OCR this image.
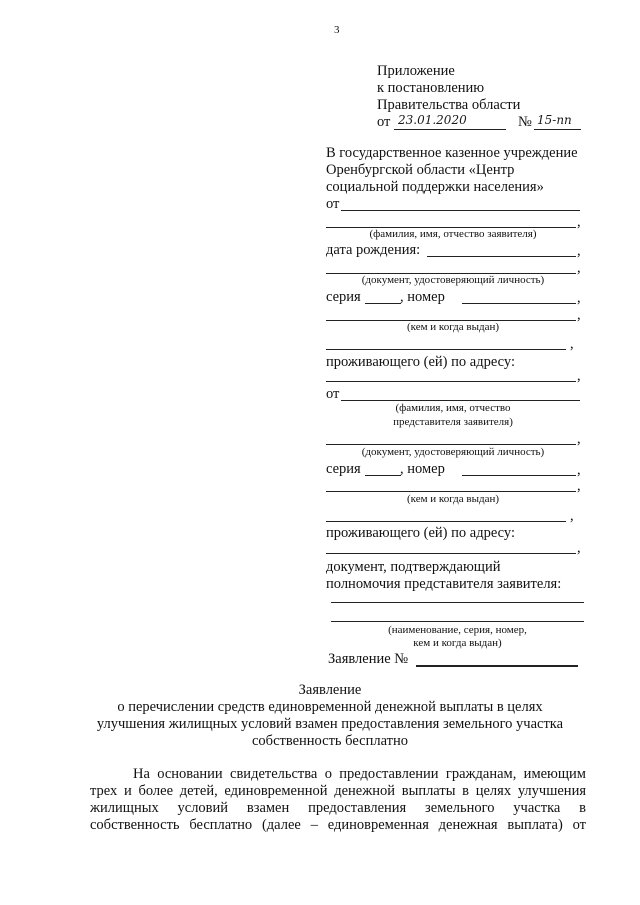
3
Приложение
к постановлению
Правительства области
от 23.01.2020	№ 15-пп
В государственное казенное учреждение
Оренбургской области «Центр
социальной поддержки населения»
от
,
(фамилия, имя, отчество заявителя)
дата рождения:	,
,
(документ, удостоверяющий личность)
серия	, номер	,
,
(кем и когда выдан)
,
проживающего (ей) по адресу:
,
от
(фамилия, имя, отчество
представителя заявителя)
,
(документ, удостоверяющий личность)
серия	, номер	,
,
(кем и когда выдан)
,
проживающего (ей) по адресу:
,
документ, подтверждающий
полномочия представителя заявителя:
(наименование, серия, номер,
кем и когда выдан)
Заявление №
Заявление
о перечислении средств единовременной денежной выплаты в целях
улучшения жилищных условий взамен предоставления земельного участка
собственность бесплатно
На основании свидетельства о предоставлении гражданам, имеющим
трех и более детей, единовременной денежной выплаты в целях улучшения
жилищных условий взамен предоставления земельного участка в
собственность бесплатно (далее – единовременная денежная выплата) от
